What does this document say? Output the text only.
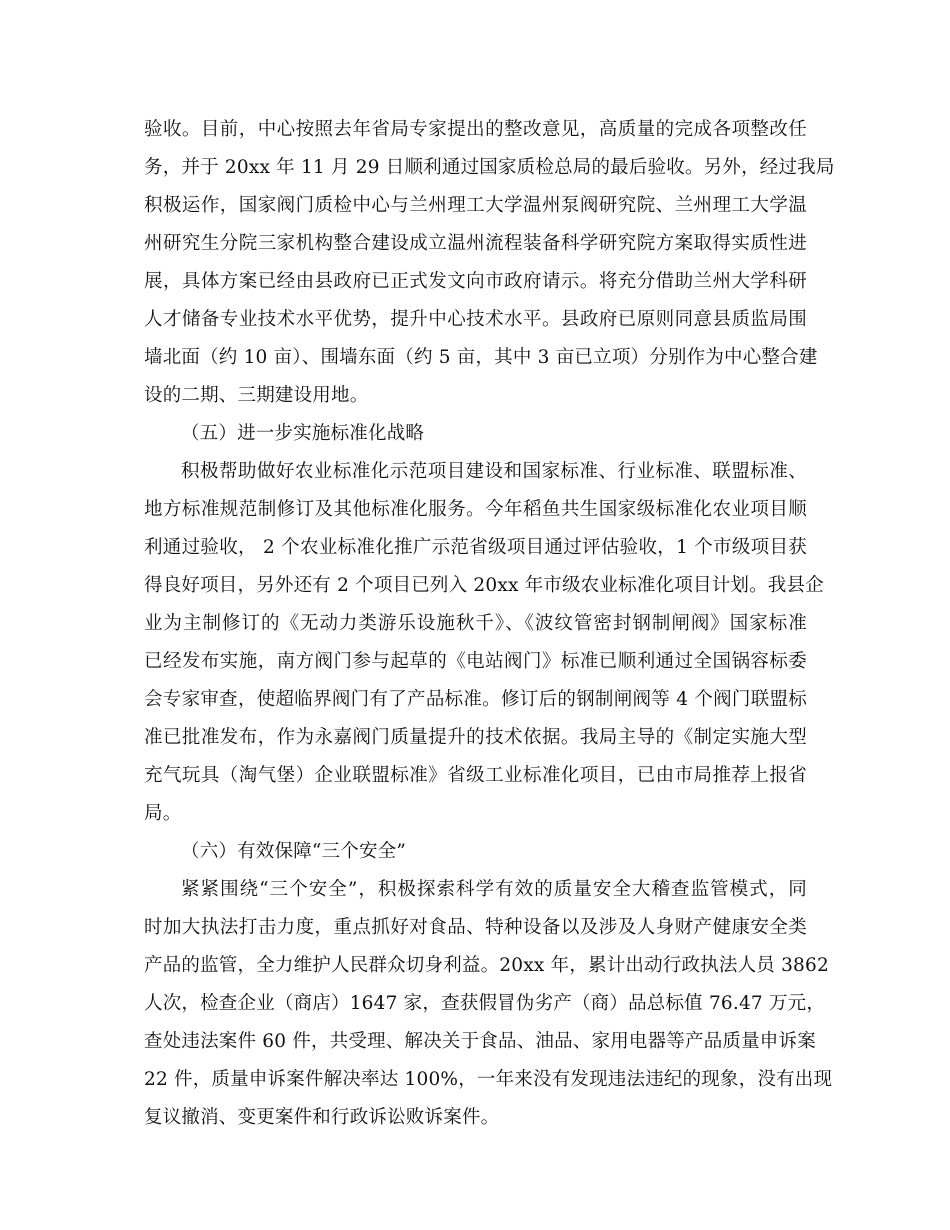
验收。目前，中心按照去年省局专家提出的整改意见，高质量的完成各项整改任
务，并于 20xx 年 11 月 29 日顺利通过国家质检总局的最后验收。另外，经过我局
积极运作，国家阀门质检中心与兰州理工大学温州泵阀研究院、兰州理工大学温
州研究生分院三家机构整合建设成立温州流程装备科学研究院方案取得实质性进
展，具体方案已经由县政府已正式发文向市政府请示。将充分借助兰州大学科研
人才储备专业技术水平优势，提升中心技术水平。县政府已原则同意县质监局围
墙北面（约 10 亩）、围墙东面（约 5 亩，其中 3 亩已立项）分别作为中心整合建
设的二期、三期建设用地。
（五）进一步实施标准化战略
积极帮助做好农业标准化示范项目建设和国家标准、行业标准、联盟标准、
地方标准规范制修订及其他标准化服务。今年稻鱼共生国家级标准化农业项目顺
利通过验收， 2 个农业标准化推广示范省级项目通过评估验收，1 个市级项目获
得良好项目，另外还有 2 个项目已列入 20xx 年市级农业标准化项目计划。我县企
业为主制修订的《无动力类游乐设施秋千》、《波纹管密封钢制闸阀》国家标准
已经发布实施，南方阀门参与起草的《电站阀门》标准已顺利通过全国锅容标委
会专家审查，使超临界阀门有了产品标准。修订后的钢制闸阀等 4 个阀门联盟标
准已批准发布，作为永嘉阀门质量提升的技术依据。我局主导的《制定实施大型
充气玩具（淘气堡）企业联盟标准》省级工业标准化项目，已由市局推荐上报省
局。
（六）有效保障“三个安全”
紧紧围绕“三个安全”，积极探索科学有效的质量安全大稽查监管模式，同
时加大执法打击力度，重点抓好对食品、特种设备以及涉及人身财产健康安全类
产品的监管，全力维护人民群众切身利益。20xx 年，累计出动行政执法人员 3862
人次，检查企业（商店）1647 家，查获假冒伪劣产（商）品总标值 76.47 万元，
查处违法案件 60 件，共受理、解决关于食品、油品、家用电器等产品质量申诉案
22 件，质量申诉案件解决率达 100%，一年来没有发现违法违纪的现象，没有出现
复议撤消、变更案件和行政诉讼败诉案件。
